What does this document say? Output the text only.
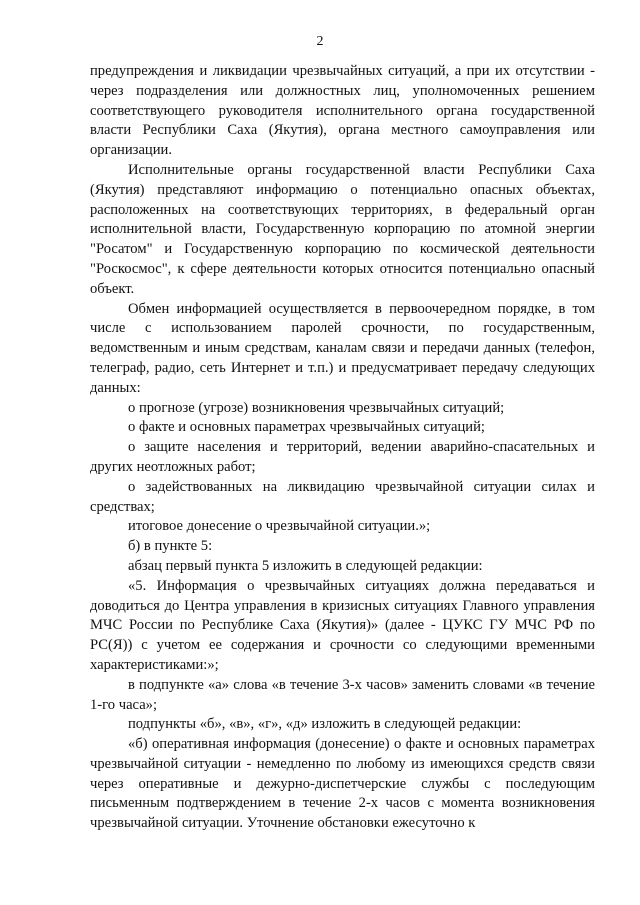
2

предупреждения и ликвидации чрезвычайных ситуаций, а при их отсутствии - через подразделения или должностных лиц, уполномоченных решением соответствующего руководителя исполнительного органа государственной власти Республики Саха (Якутия), органа местного самоуправления или организации.

Исполнительные органы государственной власти Республики Саха (Якутия) представляют информацию о потенциально опасных объектах, расположенных на соответствующих территориях, в федеральный орган исполнительной власти, Государственную корпорацию по атомной энергии "Росатом" и Государственную корпорацию по космической деятельности "Роскосмос", к сфере деятельности которых относится потенциально опасный объект.

Обмен информацией осуществляется в первоочередном порядке, в том числе с использованием паролей срочности, по государственным, ведомственным и иным средствам, каналам связи и передачи данных (телефон, телеграф, радио, сеть Интернет и т.п.) и предусматривает передачу следующих данных:

о прогнозе (угрозе) возникновения чрезвычайных ситуаций;

о факте и основных параметрах чрезвычайных ситуаций;

о защите населения и территорий, ведении аварийно-спасательных и других неотложных работ;

о задействованных на ликвидацию чрезвычайной ситуации силах и средствах;

итоговое донесение о чрезвычайной ситуации.»;

б) в пункте 5:

абзац первый пункта 5 изложить в следующей редакции:

«5. Информация о чрезвычайных ситуациях должна передаваться и доводиться до Центра управления в кризисных ситуациях Главного управления МЧС России по Республике Саха (Якутия)» (далее - ЦУКС ГУ МЧС РФ по РС(Я)) с учетом ее содержания и срочности со следующими временными характеристиками:»;

в подпункте «а» слова «в течение 3-х часов» заменить словами «в течение 1-го часа»;

подпункты «б», «в», «г», «д» изложить в следующей редакции:

«б) оперативная информация (донесение) о факте и основных параметрах чрезвычайной ситуации - немедленно по любому из имеющихся средств связи через оперативные и дежурно-диспетчерские службы с последующим письменным подтверждением в течение 2-х часов с момента возникновения чрезвычайной ситуации. Уточнение обстановки ежесуточно к
